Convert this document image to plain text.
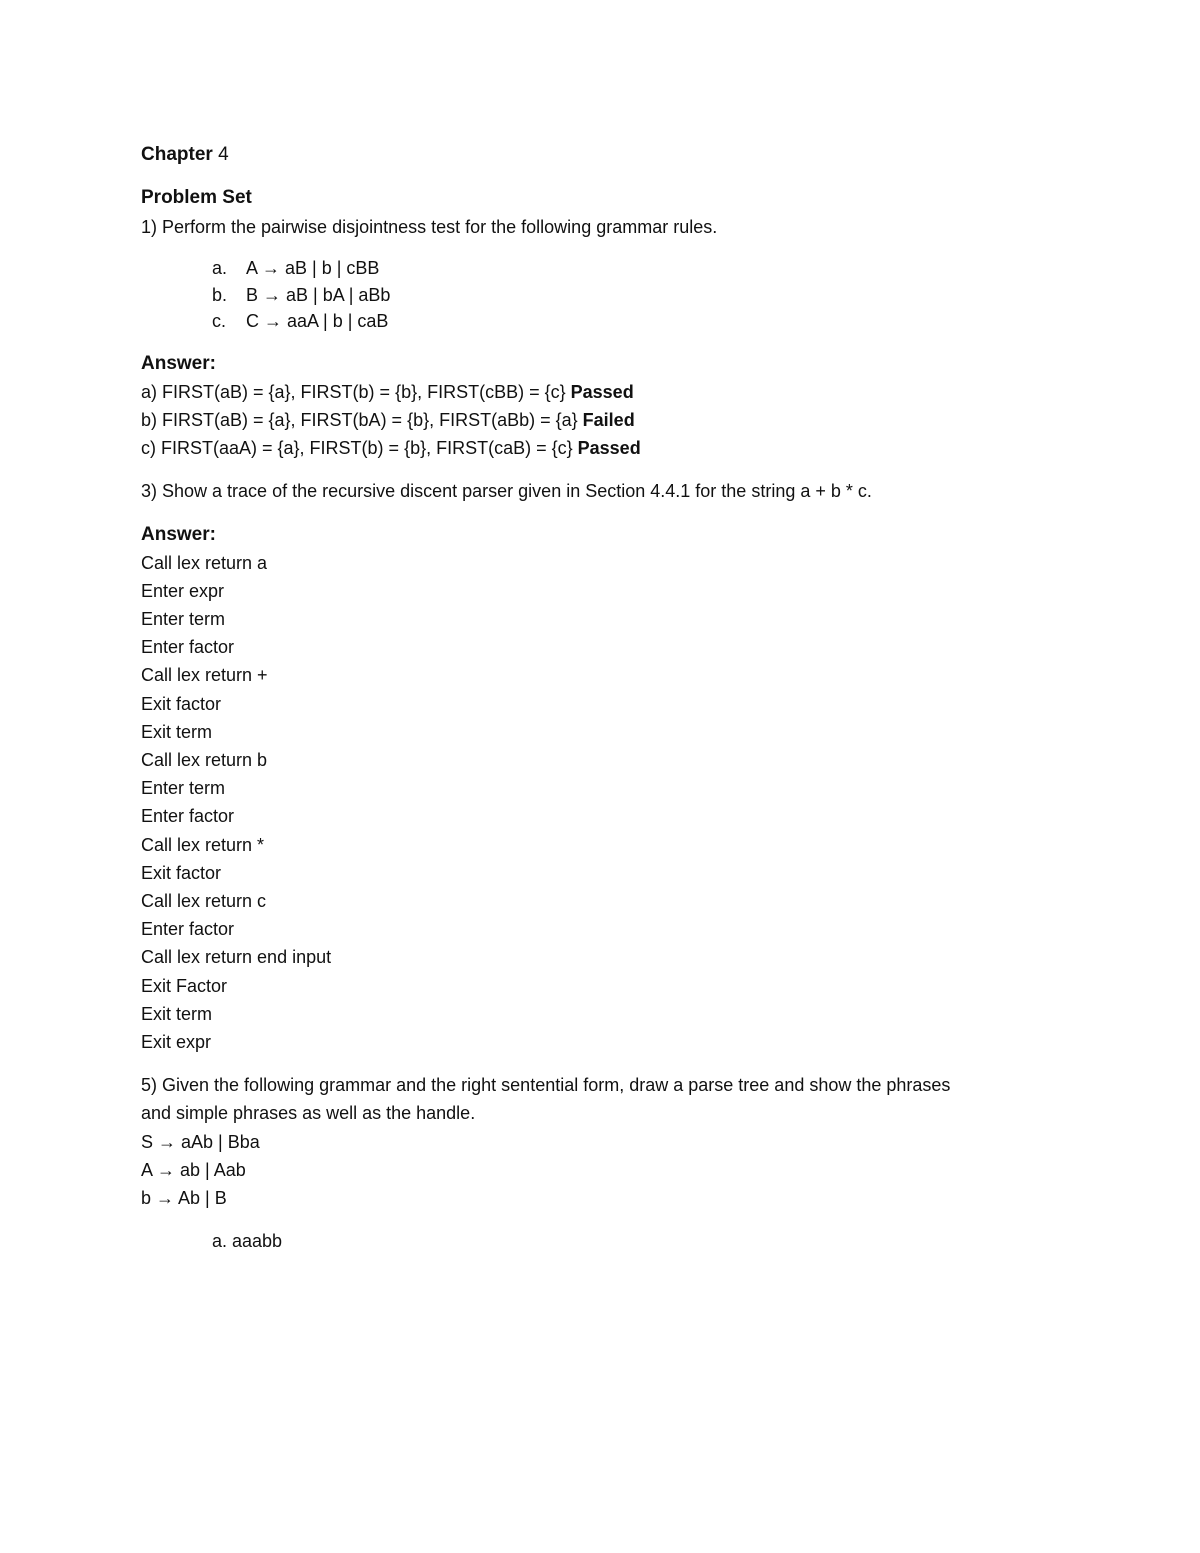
Chapter 4
Problem Set

1) Perform the pairwise disjointness test for the following grammar rules.

a.	A → aB | b | cBB
b.	B → aB | bA | aBb
c.	C → aaA | b | caB
Answer:

a) FIRST(aB) = {a}, FIRST(b) = {b}, FIRST(cBB) = {c} Passed

b) FIRST(aB) = {a}, FIRST(bA) = {b}, FIRST(aBb) = {a} Failed

c) FIRST(aaA) = {a}, FIRST(b) = {b}, FIRST(caB) = {c} Passed

3) Show a trace of the recursive discent parser given in Section 4.4.1 for the string a + b * c.

Answer:
Call lex return a
Enter expr
Enter term
Enter factor
Call lex return +
Exit factor
Exit term
Call lex return b
Enter term
Enter factor
Call lex return *
Exit factor
Call lex return c
Enter factor
Call lex return end input
Exit Factor
Exit term
Exit expr

5) Given the following grammar and the right sentential form, draw a parse tree and show the phrases

and simple phrases as well as the handle.

S → aAb | Bba
A → ab | Aab
b → Ab | B

a. aaabb
